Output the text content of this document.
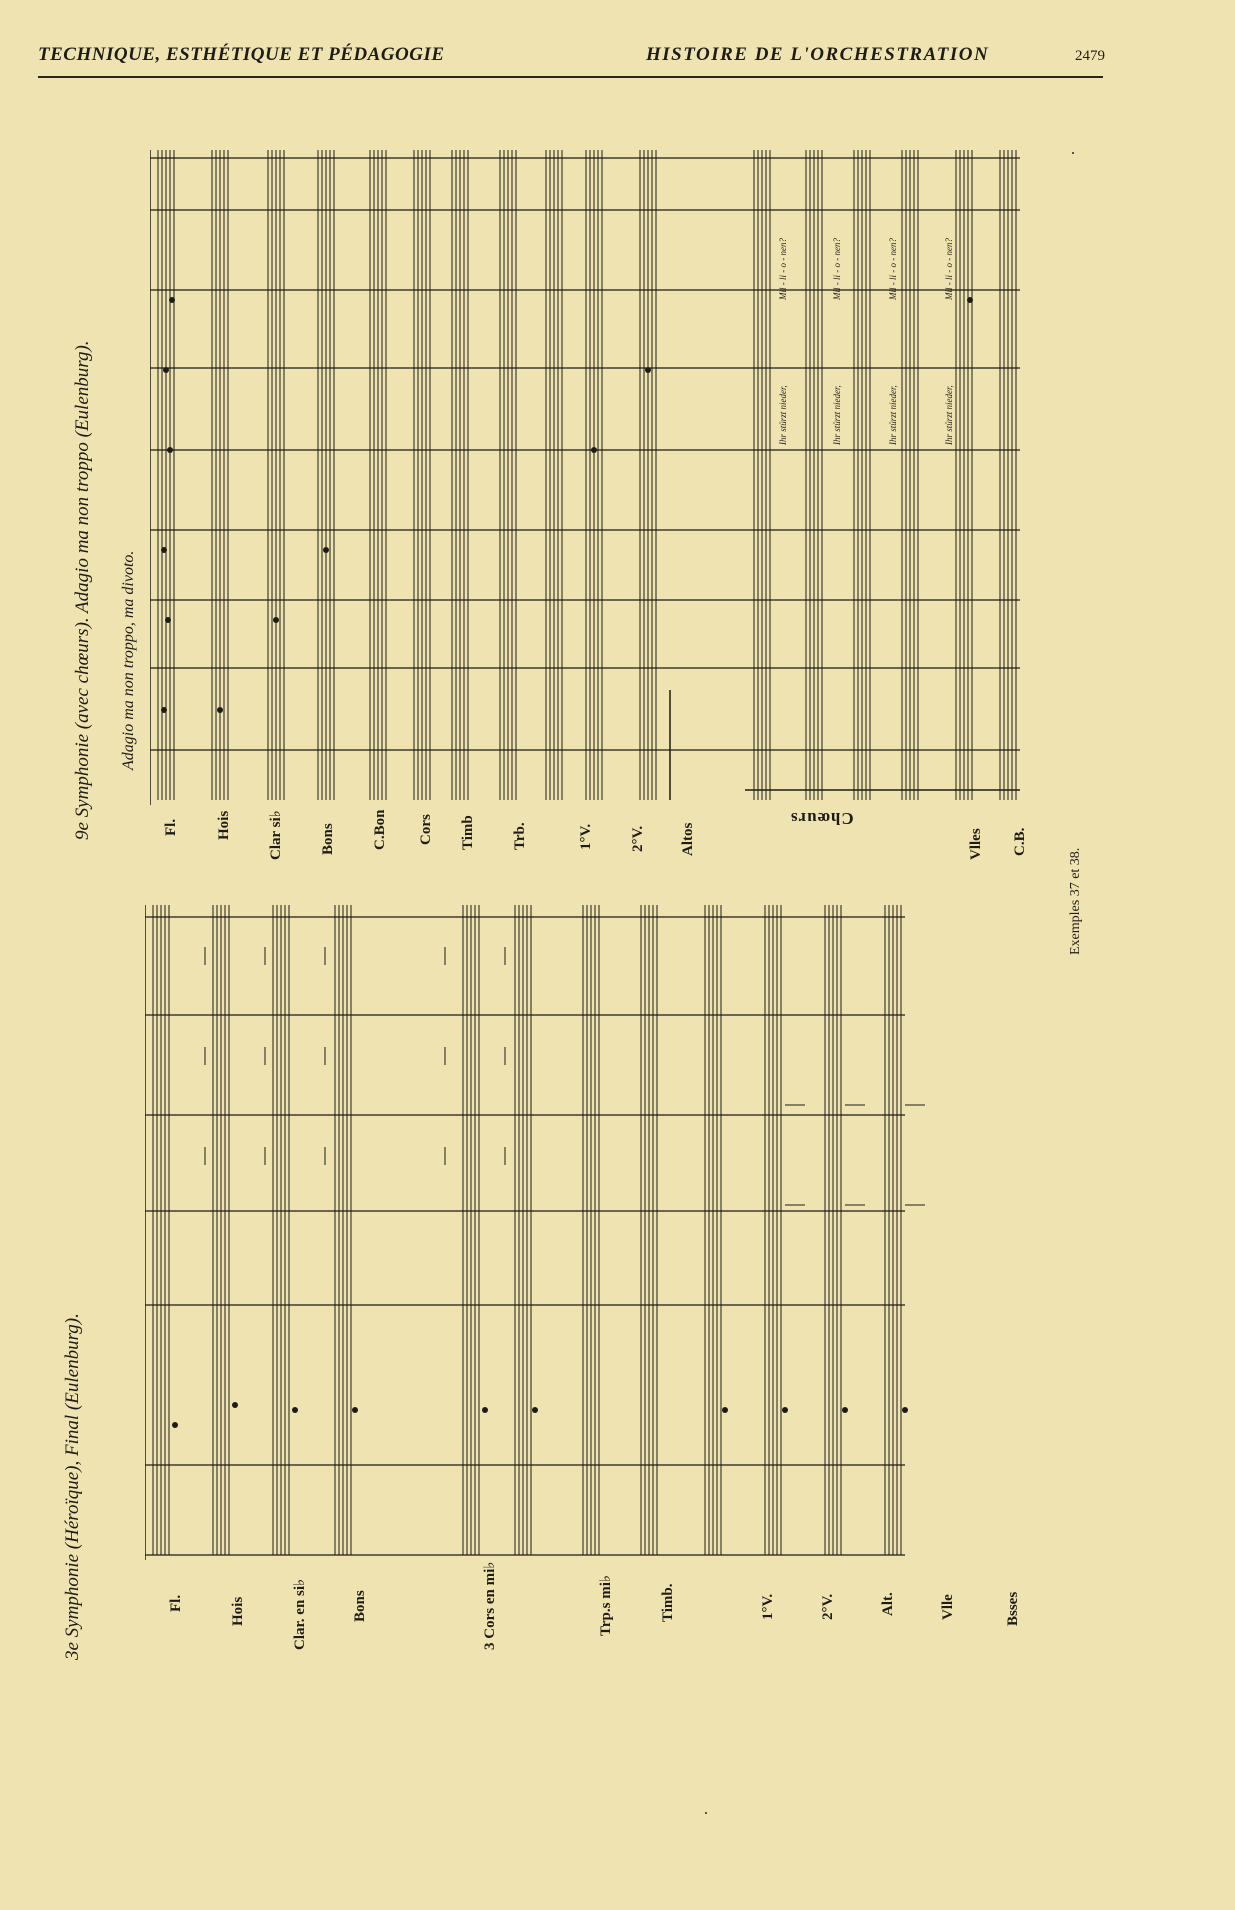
TECHNIQUE, ESTHÉTIQUE ET PÉDAGOGIE	HISTOIRE DE L'ORCHESTRATION	2479
3e Symphonie (Héroïque), Final (Eulenburg).
9e Symphonie (avec chœurs). Adagio ma non troppo (Eulenburg). Adagio ma non troppo, ma divoto.
Exemples 37 et 38.
Fl.	Hois	Clar. en si♭	Bons	3 Cors en mi♭	Trp.s mi♭	Timb.	1°V.	2°V.	Alt.	Vlle	Bsses
Fl. Hois Clar si♭ Bons C.Bon Cors Timb Trb.	1°V. 2°V. Altos
Chœurs
Vlles C.B.
Ihr stürzt nieder,
Mil - li - o - nen?
Ihr stürzt nieder,
Mil - li - o - nen?
Ihr stürzt nieder,
Mil - li - o - nen?
Ihr stürzt nieder,
Mil - li - o - nen?
